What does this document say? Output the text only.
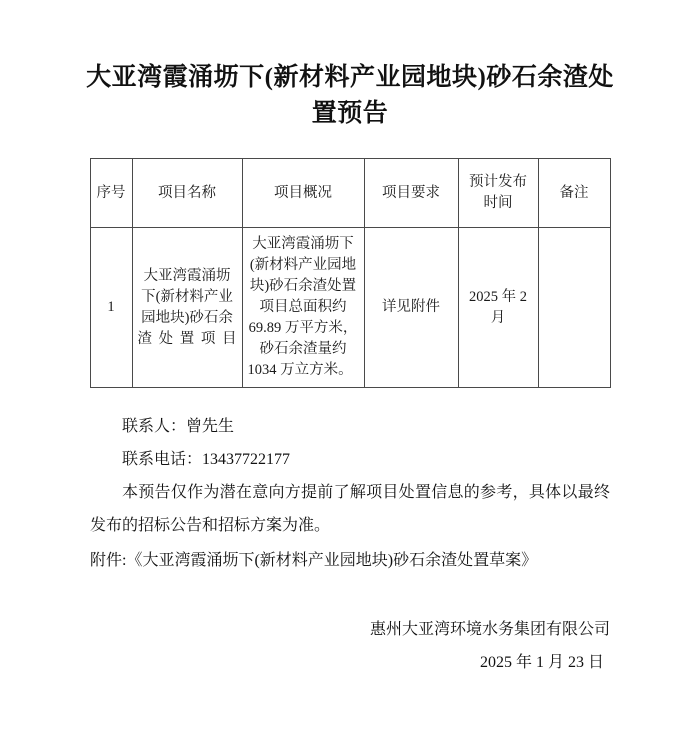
大亚湾霞涌坜下(新材料产业园地块)砂石余渣处置预告
序号	项目名称	项目概况	项目要求	预计发布时间	备注
1	大亚湾霞涌坜下(新材料产业园地块)砂石余渣处置项目	大亚湾霞涌坜下(新材料产业园地块)砂石余渣处置项目总面积约 69.89 万平方米，砂石余渣量约 1034 万立方米。	详见附件	2025 年 2 月	
联系人：曾先生
联系电话：13437722177
本预告仅作为潜在意向方提前了解项目处置信息的参考，具体以最终发布的招标公告和招标方案为准。
附件:《大亚湾霞涌坜下(新材料产业园地块)砂石余渣处置草案》
惠州大亚湾环境水务集团有限公司
2025 年 1 月 23 日
